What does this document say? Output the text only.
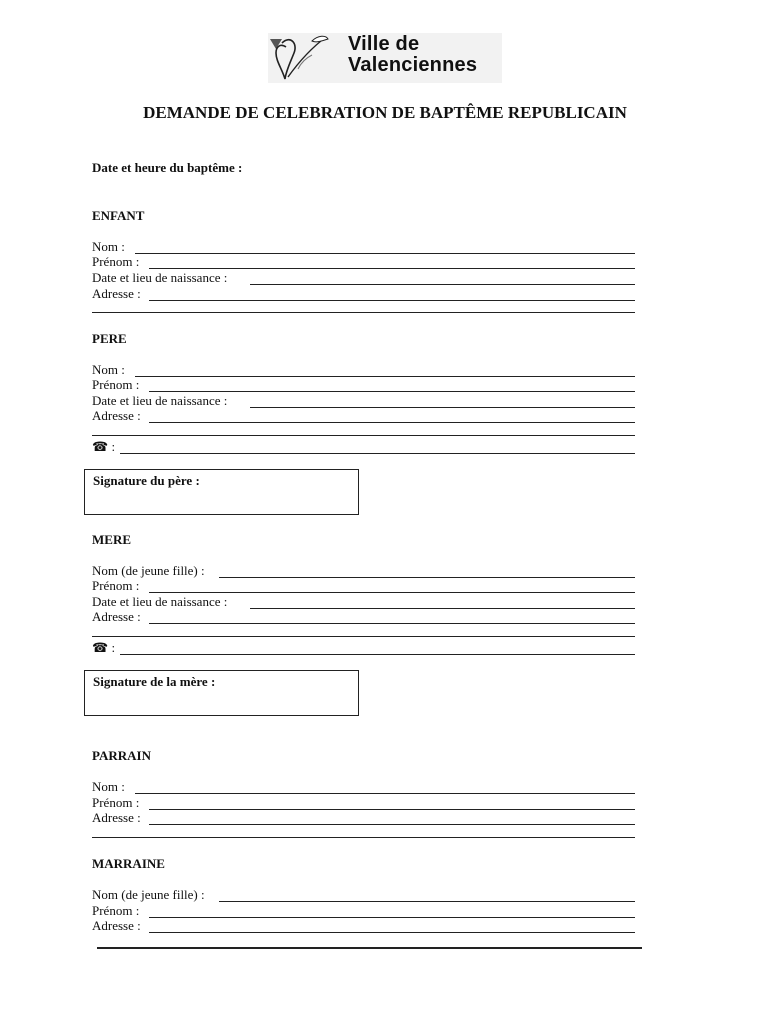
Ville de
Valenciennes
DEMANDE DE CELEBRATION DE BAPTÊME REPUBLICAIN
Date et heure du baptême :
ENFANT
Nom :
Prénom :
Date et lieu de naissance :
Adresse :
PERE
Nom :
Prénom :
Date et lieu de naissance :
Adresse :
☎ :
Signature du père :
MERE
Nom (de jeune fille) :
Prénom :
Date et lieu de naissance :
Adresse :
☎ :
Signature de la mère :
PARRAIN
Nom :
Prénom :
Adresse :
MARRAINE
Nom (de jeune fille) :
Prénom :
Adresse :
